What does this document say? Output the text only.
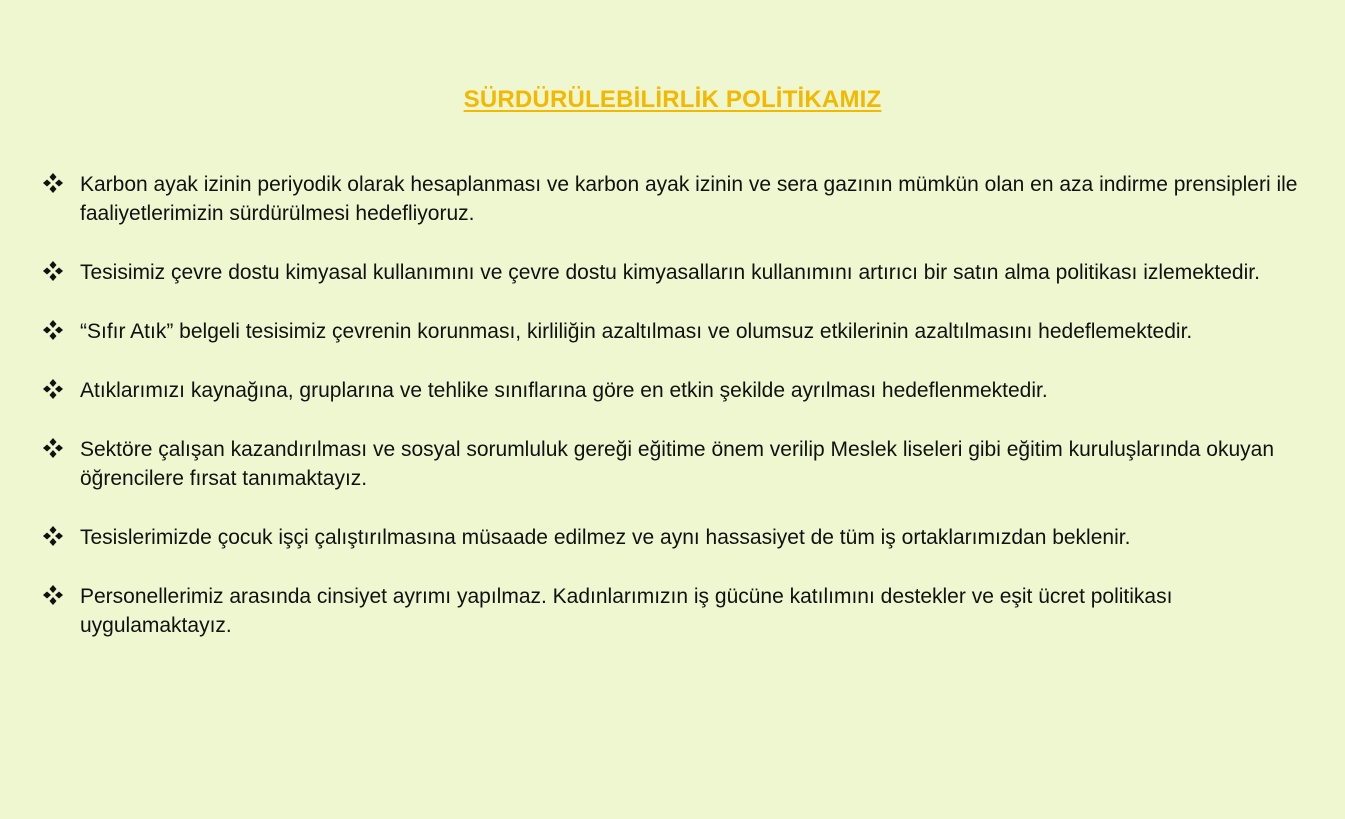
SÜRDÜRÜLEBİLİRLİK POLİTİKAMIZ
Karbon ayak izinin periyodik olarak hesaplanması ve karbon ayak izinin ve sera gazının mümkün olan en aza indirme prensipleri ile faaliyetlerimizin sürdürülmesi hedefliyoruz.
Tesisimiz çevre dostu kimyasal kullanımını ve çevre dostu kimyasalların kullanımını artırıcı bir satın alma politikası izlemektedir.
“Sıfır Atık” belgeli tesisimiz çevrenin korunması, kirliliğin azaltılması ve olumsuz etkilerinin azaltılmasını hedeflemektedir.
Atıklarımızı kaynağına, gruplarına ve tehlike sınıflarına göre en etkin şekilde ayrılması hedeflenmektedir.
Sektöre çalışan kazandırılması ve sosyal sorumluluk gereği eğitime önem verilip Meslek liseleri gibi eğitim kuruluşlarında okuyan öğrencilere fırsat tanımaktayız.
Tesislerimizde çocuk işçi çalıştırılmasına müsaade edilmez ve aynı hassasiyet de tüm iş ortaklarımızdan beklenir.
Personellerimiz arasında cinsiyet ayrımı yapılmaz. Kadınlarımızın iş gücüne katılımını destekler ve eşit ücret politikası uygulamaktayız.
